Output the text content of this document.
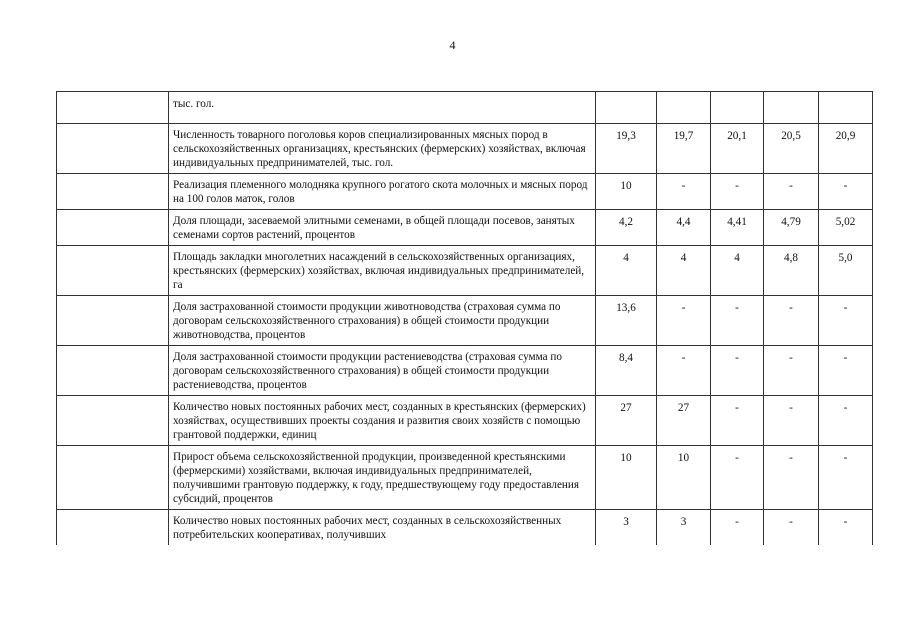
4
	тыс. гол.					
	Численность товарного поголовья коров специализированных мясных пород в сельскохозяйственных организациях, крестьянских (фермерских) хозяйствах, включая индивидуальных предпринимателей, тыс. гол.	19,3	19,7	20,1	20,5	20,9
	Реализация племенного молодняка крупного рогатого скота молочных и мясных пород на 100 голов маток, голов	10	-	-	-	-
	Доля площади, засеваемой элитными семенами, в общей площади посевов, занятых семенами сортов растений, процентов	4,2	4,4	4,41	4,79	5,02
	Площадь закладки многолетних насаждений в сельскохозяйственных организациях, крестьянских (фермерских) хозяйствах, включая индивидуальных предпринимателей, га	4	4	4	4,8	5,0
	Доля застрахованной стоимости продукции животноводства (страховая сумма по договорам сельскохозяйственного страхования) в общей стоимости продукции животноводства, процентов	13,6	-	-	-	-
	Доля застрахованной стоимости продукции растениеводства (страховая сумма по договорам сельскохозяйственного страхования) в общей стоимости продукции растениеводства, процентов	8,4	-	-	-	-
	Количество новых постоянных рабочих мест, созданных в крестьянских (фермерских) хозяйствах, осуществивших проекты создания и развития своих хозяйств с помощью грантовой поддержки, единиц	27	27	-	-	-
	Прирост объема сельскохозяйственной продукции, произведенной крестьянскими (фермерскими) хозяйствами, включая индивидуальных предпринимателей, получившими грантовую поддержку, к году, предшествующему году предоставления субсидий, процентов	10	10	-	-	-
	Количество новых постоянных рабочих мест, созданных в сельскохозяйственных потребительских кооперативах, получивших	3	3	-	-	-
